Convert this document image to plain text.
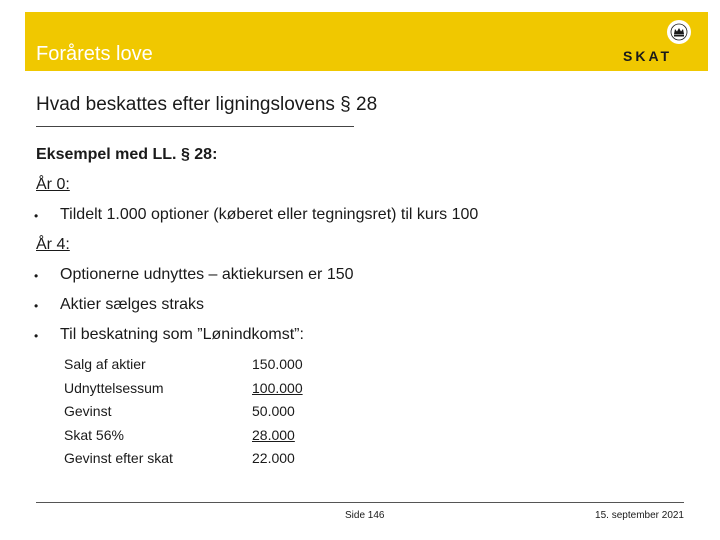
Forårets love	SKAT
Hvad beskattes efter ligningslovens § 28
Eksempel med LL. § 28:
År 0:
• Tildelt 1.000 optioner (køberet eller tegningsret) til kurs 100
År 4:
• Optionerne udnyttes – aktiekursen er 150
• Aktier sælges straks
• Til beskatning som ”Lønindkomst”:
Salg af aktier	150.000
Udnyttelsessum	100.000
Gevinst	50.000
Skat 56%	28.000
Gevinst efter skat	22.000
Side 146	15. september 2021
